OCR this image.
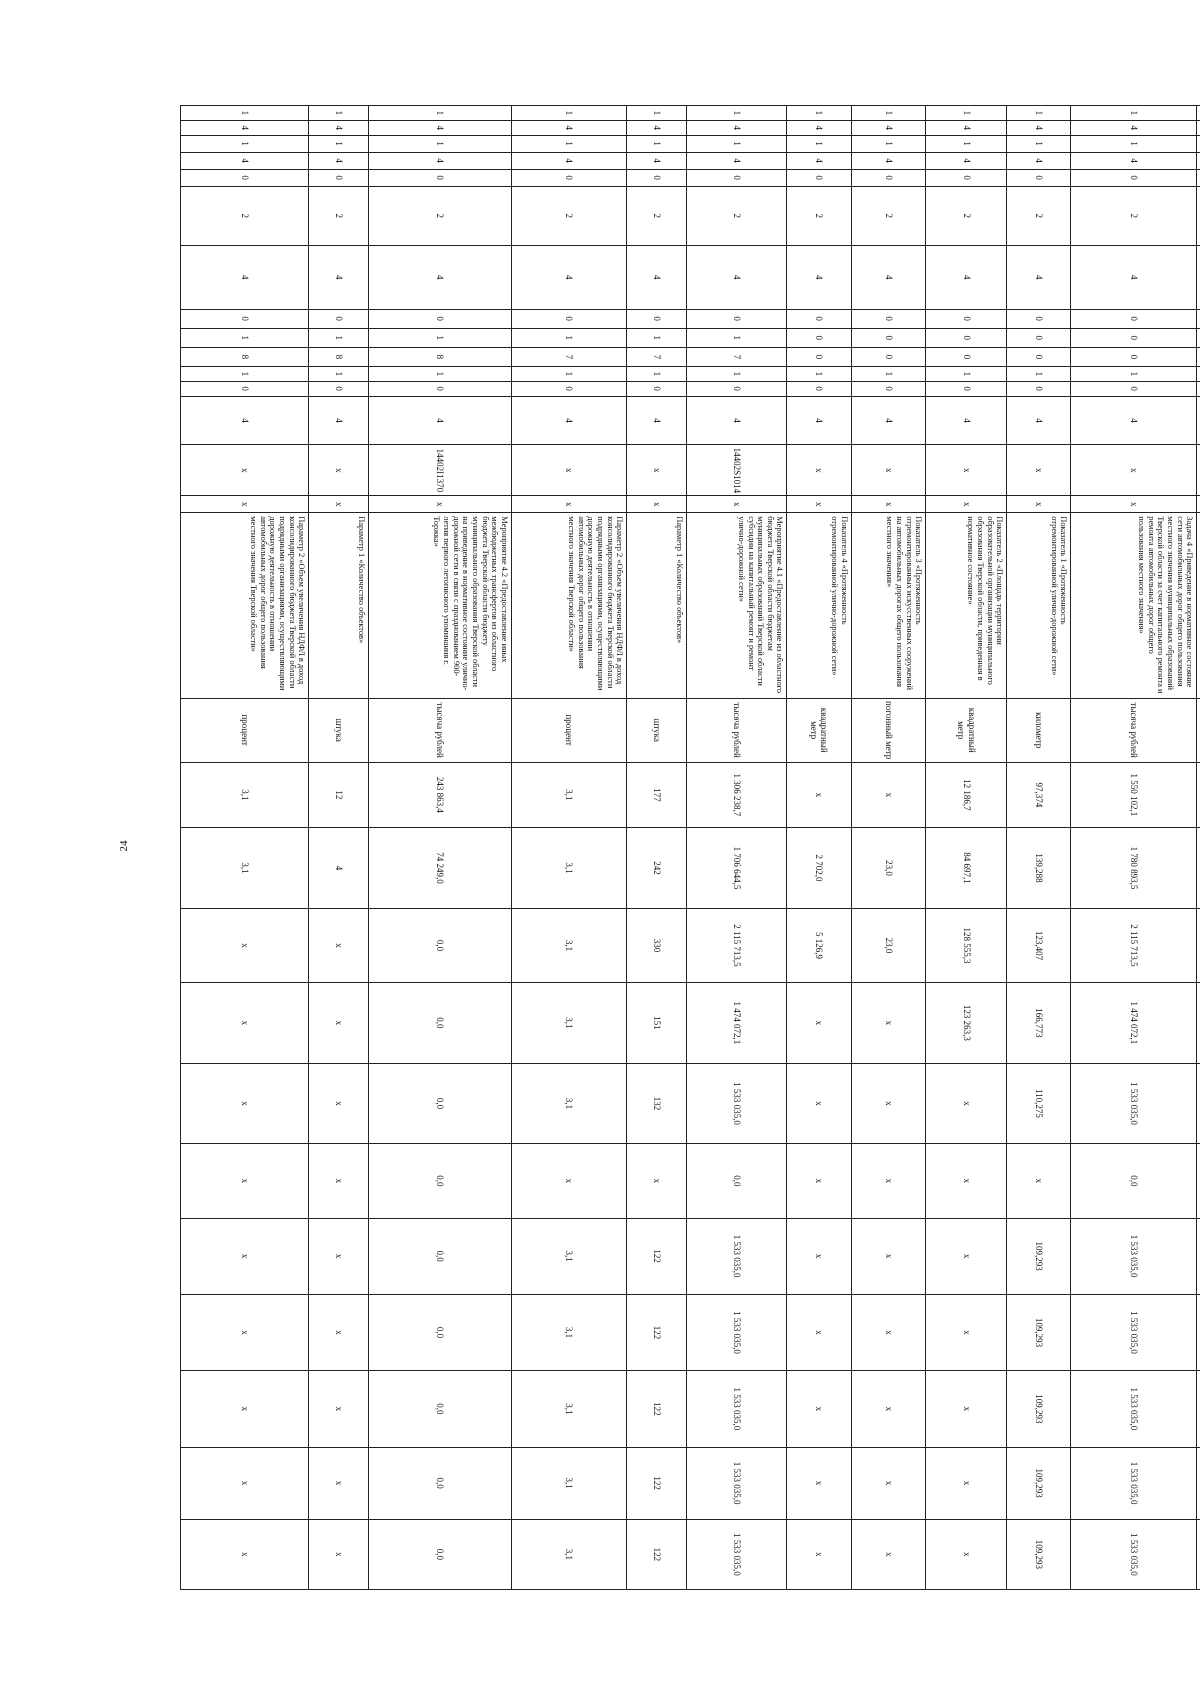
24

1	4	1	4	0	2	4	0	0	0	1	0	4	х	х	Задача 4 «Приведение в нормативное состояние сети автомобильных дорог общего пользования местного значения муниципальных образований Тверской области за счет капитального ремонта и ремонта автомобильных дорог общего пользования местного значения»	тысяча рублей	1 550 102,1	1 780 893,5	2 115 713,5	1 474 072,1	1 533 035,0	0,0	1 533 035,0	1 533 035,0	1 533 035,0	1 533 035,0	1 533 035,0
1	4	1	4	0	2	4	0	0	0	1	0	4	х	х	Показатель 1 «Протяженность отремонтированной улично-дорожной сети»	километр	97,374	139,288	123,407	166,773	110,275	х	109,293	109,293	109,293	109,293	109,293
1	4	1	4	0	2	4	0	0	0	1	0	4	х	х	Показатель 2 «Площадь территории образовательной организации муниципального образования Тверской области, приведенная в нормативное состояние»	квадратный метр	12 186,7	84 697,1	128 555,3	123 263,3	х	х	х	х	х	х	х
1	4	1	4	0	2	4	0	0	0	1	0	4	х	х	Показатель 3 «Протяженность отремонтированных искусственных сооружений на автомобильных дорогах общего пользования местного значения»	погонный метр	х	23,0	23,0	х	х	х	х	х	х	х	х
1	4	1	4	0	2	4	0	0	0	1	0	4	х	х	Показатель 4 «Протяженность отремонтированной улично-дорожной сети»	квадратный метр	х	2 702,0	5 126,9	х	х	х	х	х	х	х	х
1	4	1	4	0	2	4	0	1	7	1	0	4	14402S1014	х	Мероприятие 4.1 «Предоставление из областного бюджета Тверской области бюджетам муниципальных образований Тверской области субсидии на капитальный ремонт и ремонт улично-дорожной сети»	тысяча рублей	1 306 238,7	1 706 644,5	2 115 713,5	1 474 072,1	1 533 035,0	0,0	1 533 035,0	1 533 035,0	1 533 035,0	1 533 035,0	1 533 035,0
1	4	1	4	0	2	4	0	1	7	1	0	4	х	х	Параметр 1 «Количество объектов»	штука	177	242	330	151	132	х	122	122	122	122	122
1	4	1	4	0	2	4	0	1	7	1	0	4	х	х	Параметр 2 «Объем увеличения НДФЛ в доход консолидированного бюджета Тверской области подрядными организациями, осуществляющими дорожную деятельность в отношении автомобильных дорог общего пользования местного значения Тверской области»	процент	3,1	3,1	3,1	3,1	3,1	х	3,1	3,1	3,1	3,1	3,1
1	4	1	4	0	2	4	0	1	8	1	0	4	14402I1370	х	Мероприятие 4.2 «Предоставление иных межбюджетных трансфертов из областного бюджета Тверской области бюджету муниципального образования Тверской области на приведение в нормативное состояние улично-дорожной сети в связи с празднованием 900-летия первого летописного упоминания г. Торжка»	тысяча рублей	243 863,4	74 249,0	0,0	0,0	0,0	0,0	0,0	0,0	0,0	0,0	0,0
1	4	1	4	0	2	4	0	1	8	1	0	4	х	х	Параметр 1 «Количество объектов»	штука	12	4	х	х	х	х	х	х	х	х	х
1	4	1	4	0	2	4	0	1	8	1	0	4	х	х	Параметр 2 «Объем увеличения НДФЛ в доход консолидированного бюджета Тверской области подрядными организациями, осуществляющими дорожную деятельность в отношении автомобильных дорог общего пользования местного значения Тверской области»	процент	3,1	3,1	х	х	х	х	х	х	х	х	х
